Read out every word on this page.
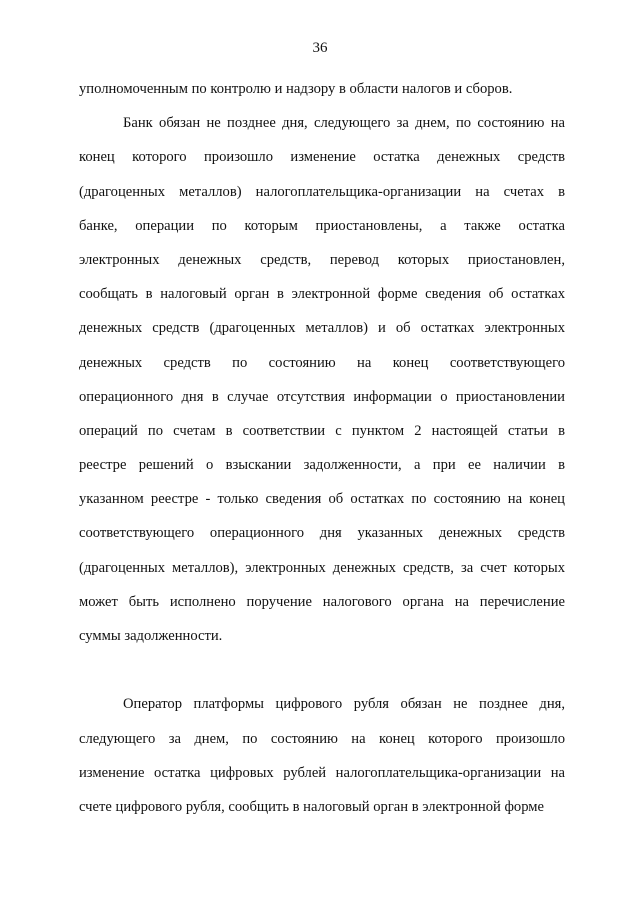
36
уполномоченным по контролю и надзору в области налогов и сборов.
Банк обязан не позднее дня, следующего за днем, по состоянию на
конец которого произошло изменение остатка денежных средств
(драгоценных металлов) налогоплательщика-организации на счетах в
банке, операции по которым приостановлены, а также остатка
электронных денежных средств, перевод которых приостановлен,
сообщать в налоговый орган в электронной форме сведения об остатках
денежных средств (драгоценных металлов) и об остатках электронных
денежных средств по состоянию на конец соответствующего
операционного дня в случае отсутствия информации о приостановлении
операций по счетам в соответствии с пунктом 2 настоящей статьи в
реестре решений о взыскании задолженности, а при ее наличии в
указанном реестре - только сведения об остатках по состоянию на конец
соответствующего операционного дня указанных денежных средств
(драгоценных металлов), электронных денежных средств, за счет которых
может быть исполнено поручение налогового органа на перечисление
суммы задолженности.
Оператор платформы цифрового рубля обязан не позднее дня,
следующего за днем, по состоянию на конец которого произошло
изменение остатка цифровых рублей налогоплательщика-организации на
счете цифрового рубля, сообщить в налоговый орган в электронной форме
